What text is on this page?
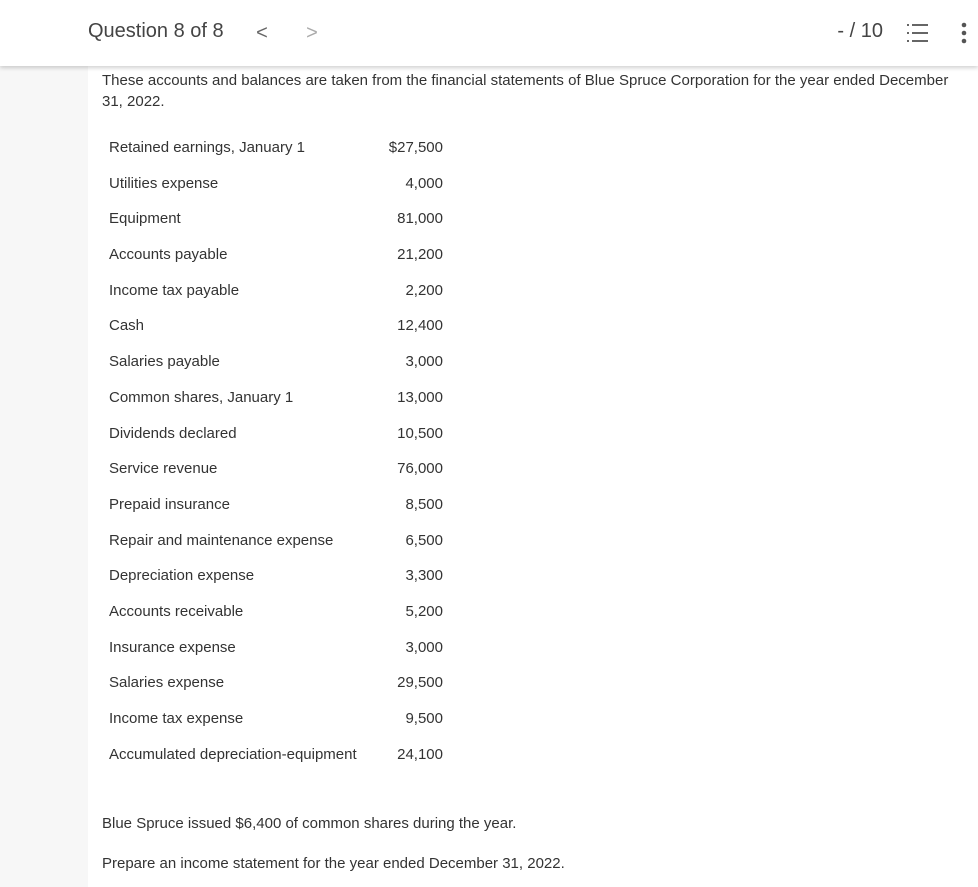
Question 8 of 8 < >	- / 10
These accounts and balances are taken from the financial statements of Blue Spruce Corporation for the year ended December 31, 2022.
Retained earnings, January 1	$27,500
Utilities expense	4,000
Equipment	81,000
Accounts payable	21,200
Income tax payable	2,200
Cash	12,400
Salaries payable	3,000
Common shares, January 1	13,000
Dividends declared	10,500
Service revenue	76,000
Prepaid insurance	8,500
Repair and maintenance expense	6,500
Depreciation expense	3,300
Accounts receivable	5,200
Insurance expense	3,000
Salaries expense	29,500
Income tax expense	9,500
Accumulated depreciation-equipment	24,100
Blue Spruce issued $6,400 of common shares during the year.
Prepare an income statement for the year ended December 31, 2022.
